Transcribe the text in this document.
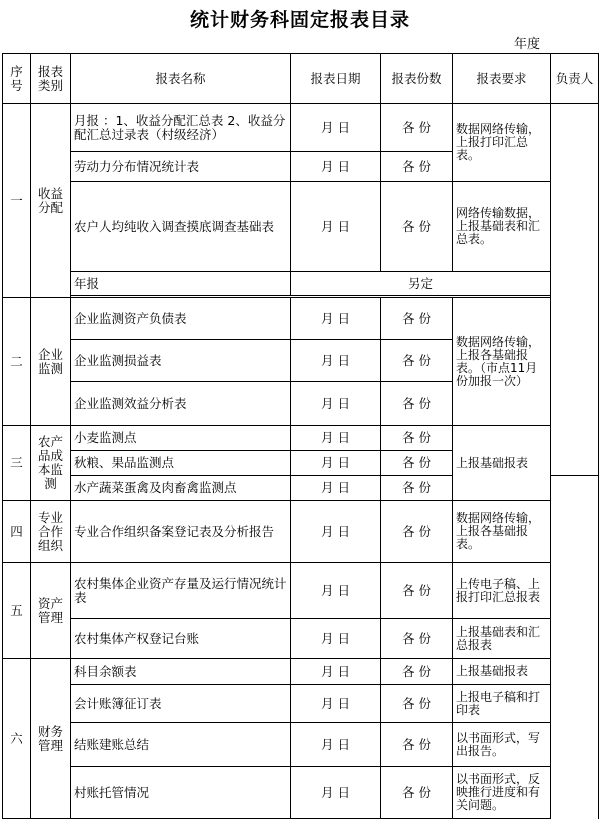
统计财务科固定报表目录
年度
序号	报表类别	报表名称	报表日期	报表份数	报表要求	负责人	
一	收益分配	月报 ：1、收益分配汇总表 2、收益分配汇总过录表（村级经济）	月 日	各 份	数据网络传输，上报打印汇总表。		
		劳动力分布情况统计表	月 日	各 份			
		农户人均纯收入调查摸底调查基础表	月 日	各 份	网络传输数据，上报基础表和汇总表。		
		年报	另定				

二	企业监测	企业监测资产负债表	月 日	各 份	数据网络传输，上报各基础报表。（市点11月份加报一次）		
		企业监测损益表	月 日	各 份			
		企业监测效益分析表	月 日	各 份			
三	农产品成本监测	小麦监测点	月 日	各 份	上报基础报表		
		秋粮、果品监测点	月 日	各 份			
		水产蔬菜蛋禽及肉畜禽监测点	月 日	各 份			
四	专业合作组织	专业合作组织备案登记表及分析报告	月 日	各 份	数据网络传输，上报各基础报表。		
五	资产管理	农村集体企业资产存量及运行情况统计表	月 日	各 份	上传电子稿、上报打印汇总报表		
		农村集体产权登记台账	月 日	各 份	上报基础表和汇总报表		
六	财务管理	科目余额表	月 日	各 份	上报基础报表		
		会计账簿征订表	月 日	各 份	上报电子稿和打印表		
		结账建账总结	月 日	各 份	以书面形式，写出报告。		
		村账托管情况	月 日	各 份	以书面形式，反映推行进度和有关问题。		
